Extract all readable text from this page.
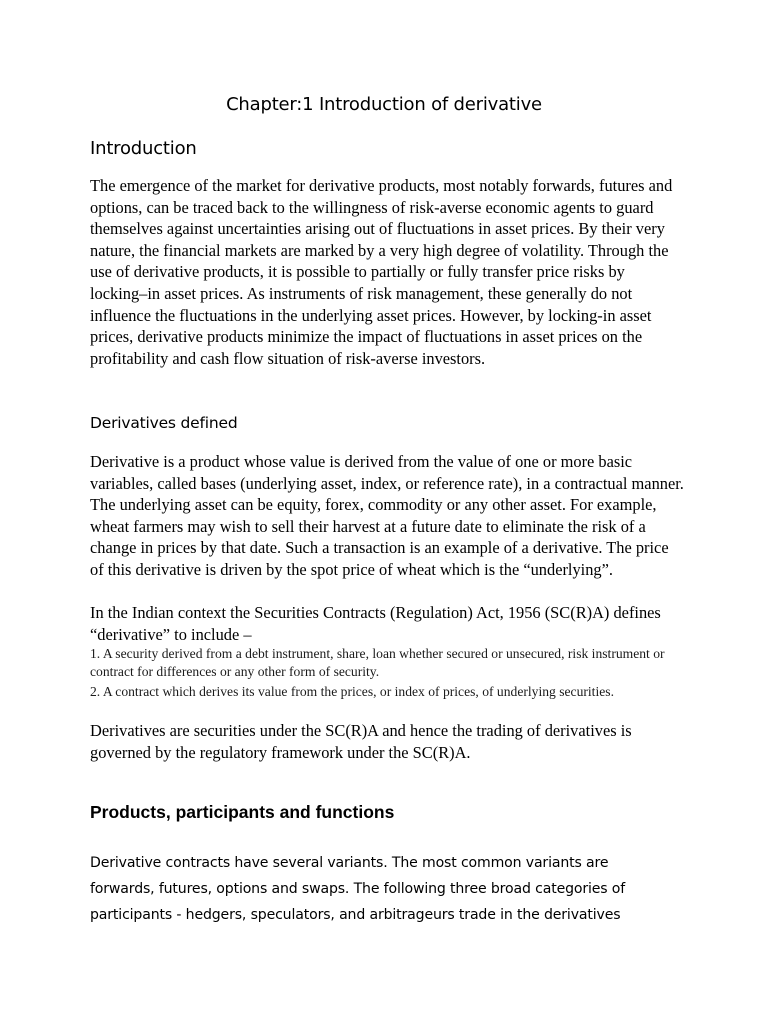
Chapter:1 Introduction of derivative
Introduction

The emergence of the market for derivative products, most notably forwards, futures and options, can be traced back to the willingness of risk-averse economic agents to guard themselves against uncertainties arising out of fluctuations in asset prices. By their very nature, the financial markets are marked by a very high degree of volatility. Through the use of derivative products, it is possible to partially or fully transfer price risks by locking–in asset prices. As instruments of risk management, these generally do not influence the fluctuations in the underlying asset prices. However, by locking-in asset prices, derivative products minimize the impact of fluctuations in asset prices on the profitability and cash flow situation of risk-averse investors.

Derivatives defined

Derivative is a product whose value is derived from the value of one or more basic variables, called bases (underlying asset, index, or reference rate), in a contractual manner. The underlying asset can be equity, forex, commodity or any other asset. For example, wheat farmers may wish to sell their harvest at a future date to eliminate the risk of a change in prices by that date. Such a transaction is an example of a derivative. The price of this derivative is driven by the spot price of wheat which is the “underlying”.

In the Indian context the Securities Contracts (Regulation) Act, 1956 (SC(R)A) defines “derivative” to include –

1. A security derived from a debt instrument, share, loan whether secured or unsecured, risk instrument or contract for differences or any other form of security.
2. A contract which derives its value from the prices, or index of prices, of underlying securities.

Derivatives are securities under the SC(R)A and hence the trading of derivatives is governed by the regulatory framework under the SC(R)A.

Products, participants and functions

Derivative contracts have several variants. The most common variants are forwards, futures, options and swaps. The following three broad categories of participants - hedgers, speculators, and arbitrageurs trade in the derivatives
